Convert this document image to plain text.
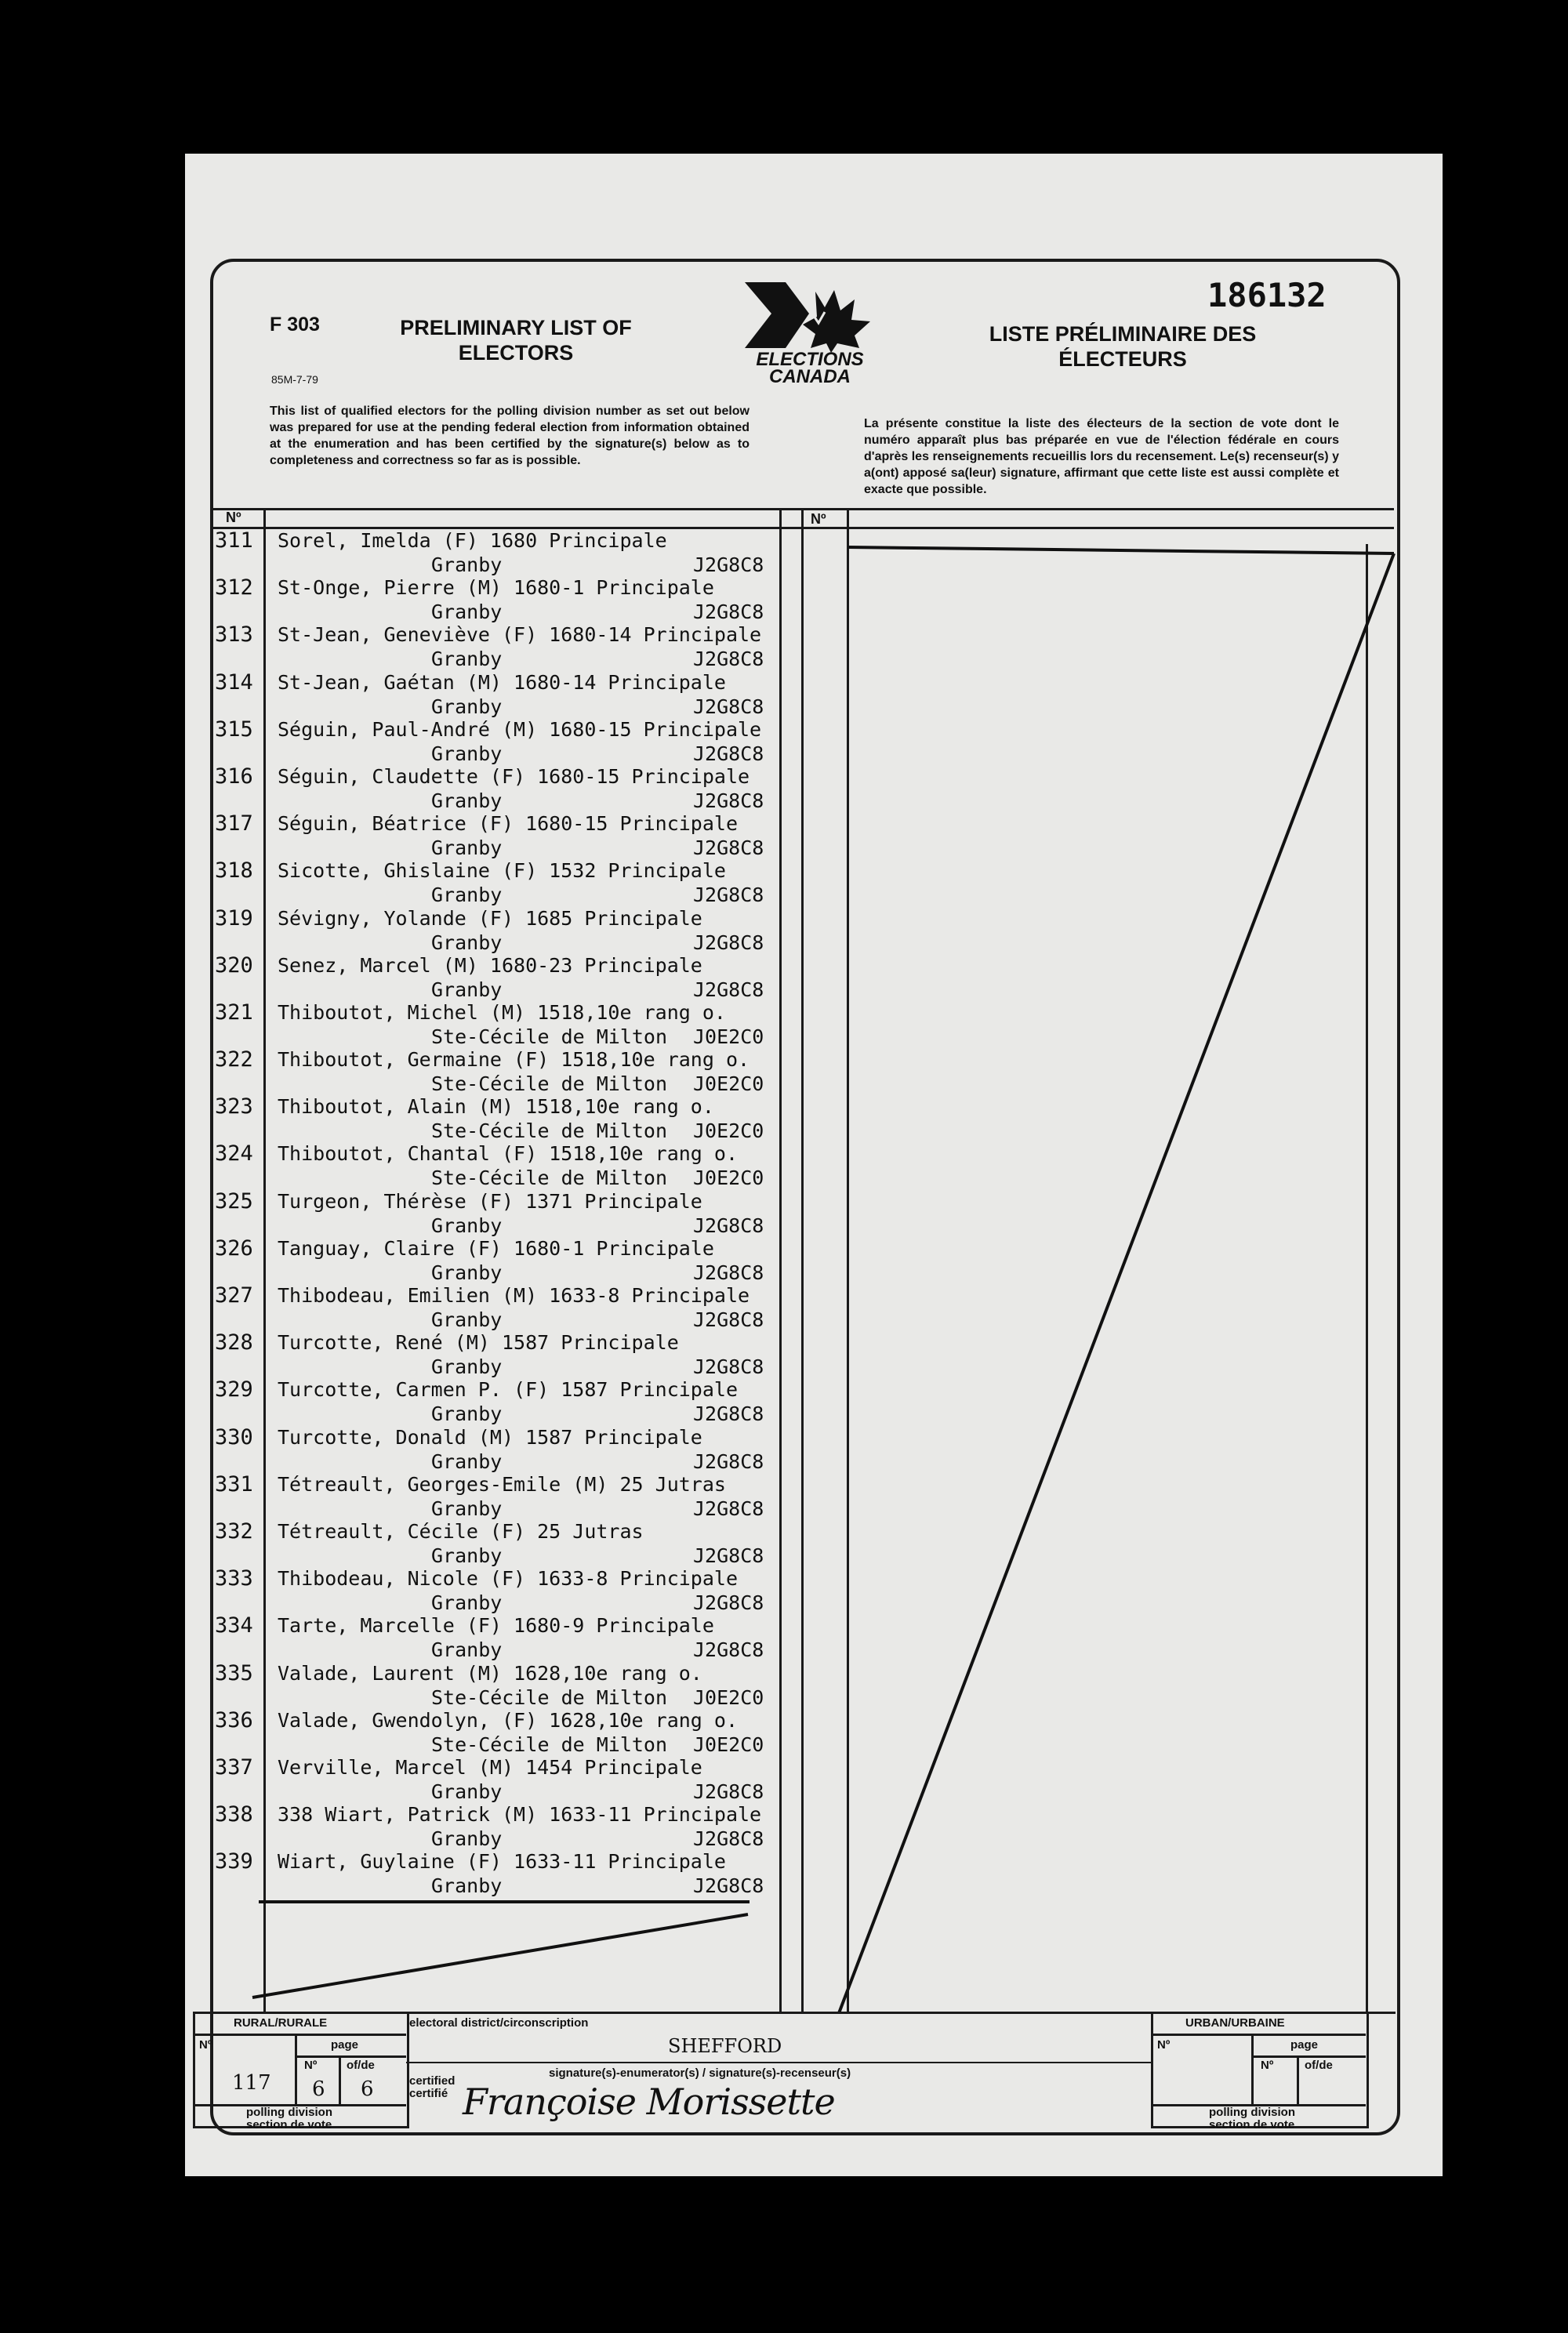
F 303
85M-7-79
PRELIMINARY LIST OF
ELECTORS	ELECTIONS
CANADA
186132
LISTE PRÉLIMINAIRE DES
ÉLECTEURS
This list of qualified electors for the polling division number as set out below was prepared for use at the pending federal election from information obtained at the enumeration and has been certified by the signature(s) below as to completeness and correctness so far as is possible.
La présente constitue la liste des électeurs de la section de vote dont le numéro apparaît plus bas préparée en vue de l'élection fédérale en cours d'après les renseignements recueillis lors du recensement. Le(s) recenseur(s) y a(ont) apposé sa(leur) signature, affirmant que cette liste est aussi complète et exacte que possible.
Nº	Nº
311	Sorel, Imelda (F) 1680 Principale
Granby	J2G8C8
312	St-Onge, Pierre (M) 1680-1 Principale
Granby	J2G8C8
313	St-Jean, Geneviève (F) 1680-14 Principale
Granby	J2G8C8
314	St-Jean, Gaétan (M) 1680-14 Principale
Granby	J2G8C8
315	Séguin, Paul-André (M) 1680-15 Principale
Granby	J2G8C8
316	Séguin, Claudette (F) 1680-15 Principale
Granby	J2G8C8
317	Séguin, Béatrice (F) 1680-15 Principale
Granby	J2G8C8
318	Sicotte, Ghislaine (F) 1532 Principale
Granby	J2G8C8
319	Sévigny, Yolande (F) 1685 Principale
Granby	J2G8C8
320	Senez, Marcel (M) 1680-23 Principale
Granby	J2G8C8
321	Thiboutot, Michel (M) 1518,10e rang o.
Ste-Cécile de Milton J0E2C0
322	Thiboutot, Germaine (F) 1518,10e rang o.
Ste-Cécile de Milton J0E2C0
323	Thiboutot, Alain (M) 1518,10e rang o.
Ste-Cécile de Milton J0E2C0
324	Thiboutot, Chantal (F) 1518,10e rang o.
Ste-Cécile de Milton J0E2C0
325	Turgeon, Thérèse (F) 1371 Principale
Granby	J2G8C8
326	Tanguay, Claire (F) 1680-1 Principale
Granby	J2G8C8
327	Thibodeau, Emilien (M) 1633-8 Principale
Granby	J2G8C8
328	Turcotte, René (M) 1587 Principale
Granby	J2G8C8
329	Turcotte, Carmen P. (F) 1587 Principale
Granby	J2G8C8
330	Turcotte, Donald (M) 1587 Principale
Granby	J2G8C8
331	Tétreault, Georges-Emile (M) 25 Jutras
Granby	J2G8C8
332	Tétreault, Cécile (F) 25 Jutras
Granby	J2G8C8
333	Thibodeau, Nicole (F) 1633-8 Principale
Granby	J2G8C8
334	Tarte, Marcelle (F) 1680-9 Principale
Granby	J2G8C8
335	Valade, Laurent (M) 1628,10e rang o.
Ste-Cécile de Milton J0E2C0
336	Valade, Gwendolyn, (F) 1628,10e rang o.
Ste-Cécile de Milton J0E2C0
337	Verville, Marcel (M) 1454 Principale
Granby	J2G8C8
338	338 Wiart, Patrick (M) 1633-11 Principale
Granby	J2G8C8
339	Wiart, Guylaine (F) 1633-11 Principale
Granby	J2G8C8
RURAL/RURALE
Nº	page
Nº	of/de
117 6 6
polling division
section de vote
electoral district/circonscription
SHEFFORD
certified
certifié
signature(s)-enumerator(s) / signature(s)-recenseur(s)
Françoise Morissette
URBAN/URBAINE
Nº	page
Nº	of/de
polling division
section de vote
